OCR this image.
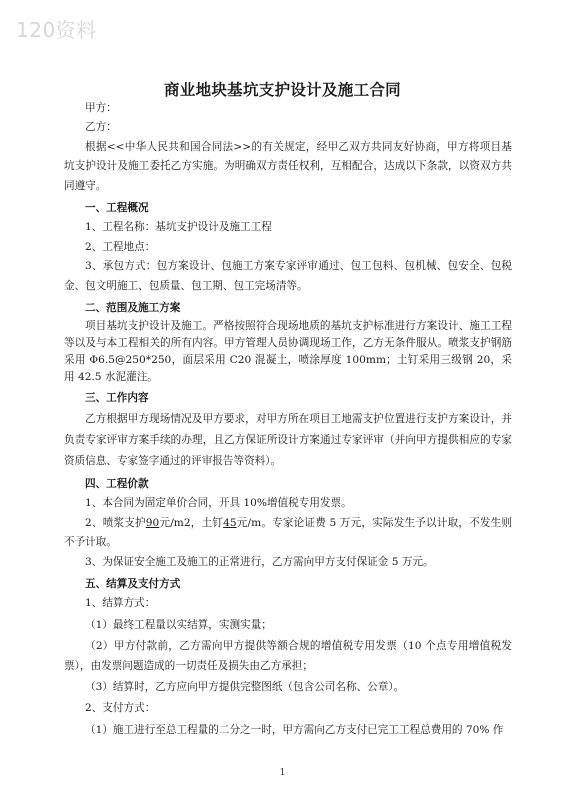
120资料
商业地块基坑支护设计及施工合同

甲方：

乙方：

根据<<中华人民共和国合同法>>的有关规定，经甲乙双方共同友好协商，甲方将项目基坑支护设计及施工委托乙方实施。为明确双方责任权利，互相配合，达成以下条款，以资双方共同遵守。

一、工程概况

1、工程名称：基坑支护设计及施工工程

2、工程地点：

3、承包方式：包方案设计、包施工方案专家评审通过、包工包料、包机械、包安全、包税金、包文明施工、包质量、包工期、包工完场清等。

二、范围及施工方案

项目基坑支护设计及施工。严格按照符合现场地质的基坑支护标准进行方案设计、施工工程等以及与本工程相关的所有内容。甲方管理人员协调现场工作，乙方无条件服从。喷浆支护钢筋采用 Φ6.5@250*250，面层采用 C20 混凝土，喷涂厚度 100mm；土钉采用三级钢 20，采用 42.5 水泥灌注。

三、工作内容

乙方根据甲方现场情况及甲方要求，对甲方所在项目工地需支护位置进行支护方案设计，并负责专家评审方案手续的办理，且乙方保证所设计方案通过专家评审（并向甲方提供相应的专家资质信息、专家签字通过的评审报告等资料）。

四、工程价款

1、本合同为固定单价合同，开具 10%增值税专用发票。

2、喷浆支护90元/m2，土钉45元/m。专家论证费 5 万元，实际发生予以计取，不发生则不予计取。

3、为保证安全施工及施工的正常进行，乙方需向甲方支付保证金 5 万元。

五、结算及支付方式

1、结算方式：

（1）最终工程量以实结算，实测实量；

（2）甲方付款前，乙方需向甲方提供等额合规的增值税专用发票（10 个点专用增值税发票），由发票问题造成的一切责任及损失由乙方承担；

（3）结算时，乙方应向甲方提供完整图纸（包含公司名称、公章）。

2、支付方式：

（1）施工进行至总工程量的二分之一时，甲方需向乙方支付已完工工程总费用的 70% 作

1
